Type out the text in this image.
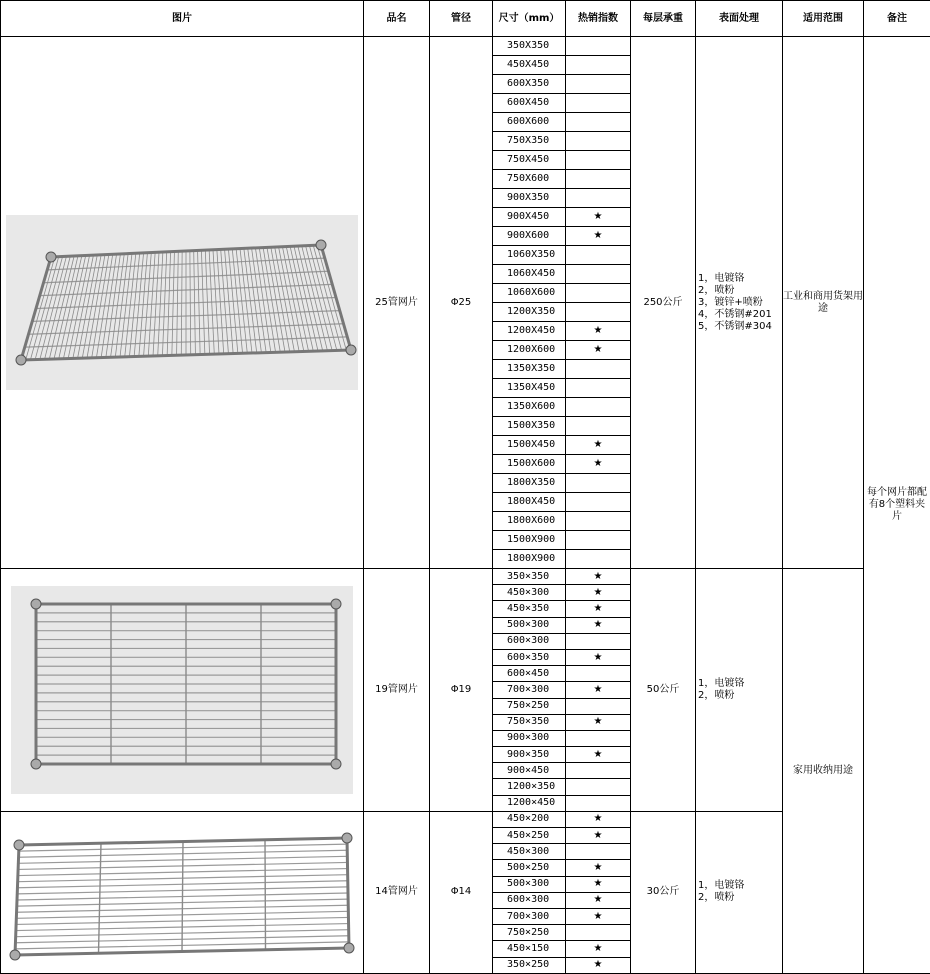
图片	品名	管径	尺寸（mm）	热销指数	每层承重	表面处理	适用范围	备注

	25管网片	Φ25	350X350		250公斤	1，电镀铬
2，喷粉
3，镀锌+喷粉
4，不锈钢#201
5，不锈钢#304	工业和商用货架用途	每个网片都配有8个塑料夹片
			450X450					
			600X350					
			600X450					
			600X600					
			750X350					
			750X450					
			750X600					
			900X350					
			900X450	★				
			900X600	★				
			1060X350					
			1060X450					
			1060X600					
			1200X350					
			1200X450	★				
			1200X600	★				
			1350X350					
			1350X450					
			1350X600					
			1500X350					
			1500X450	★				
			1500X600	★				
			1800X350					
			1800X450					
			1800X600					
			1500X900					
			1800X900					

	19管网片	Φ19	350×350	★	50公斤	1，电镀铬
2，喷粉	家用收纳用途	
			450×300	★				
			450×350	★				
			500×300	★				
			600×300					
			600×350	★				
			600×450					
			700×300	★				
			750×250					
			750×350	★				
			900×300					
			900×350	★				
			900×450					
			1200×350					
			1200×450					

	14管网片	Φ14	450×200	★	30公斤	1，电镀铬
2，喷粉		

			450×250	★				
			450×300					
			500×250	★				
			500×300	★				
			600×300	★				
			700×300	★				
			750×250					
			450×150	★				
			350×250	★				
